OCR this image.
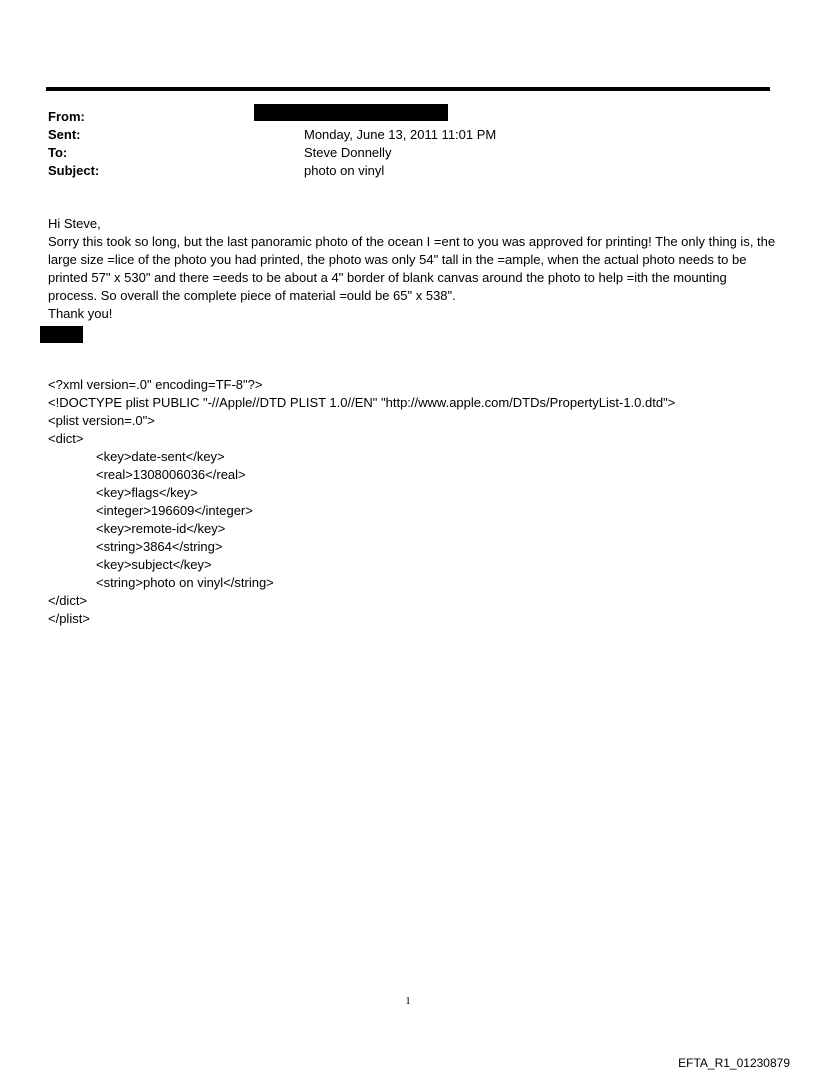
From:
Sent:	Monday, June 13, 2011 11:01 PM
To:	Steve Donnelly
Subject:	photo on vinyl

Hi Steve,

Sorry this took so long, but the last panoramic photo of the ocean I =ent to you was approved for printing! The only thing is, the large size =lice of the photo you had printed, the photo was only 54" tall in the =ample, when the actual photo needs to be printed 57" x 530" and there =eeds to be about a 4" border of blank canvas around the photo to help =ith the mounting process. So overall the complete piece of material =ould be 65" x 538".

Thank you!

<?xml version=.0" encoding=TF-8"?>
<!DOCTYPE plist PUBLIC "-//Apple//DTD PLIST 1.0//EN" "http://www.apple.com/DTDs/PropertyList-1.0.dtd">
<plist version=.0">
<dict>
<key>date-sent</key>
<real>1308006036</real>
<key>flags</key>
<integer>196609</integer>
<key>remote-id</key>
<string>3864</string>
<key>subject</key>
<string>photo on vinyl</string>
</dict>
</plist>
1
EFTA_R1_01230879
